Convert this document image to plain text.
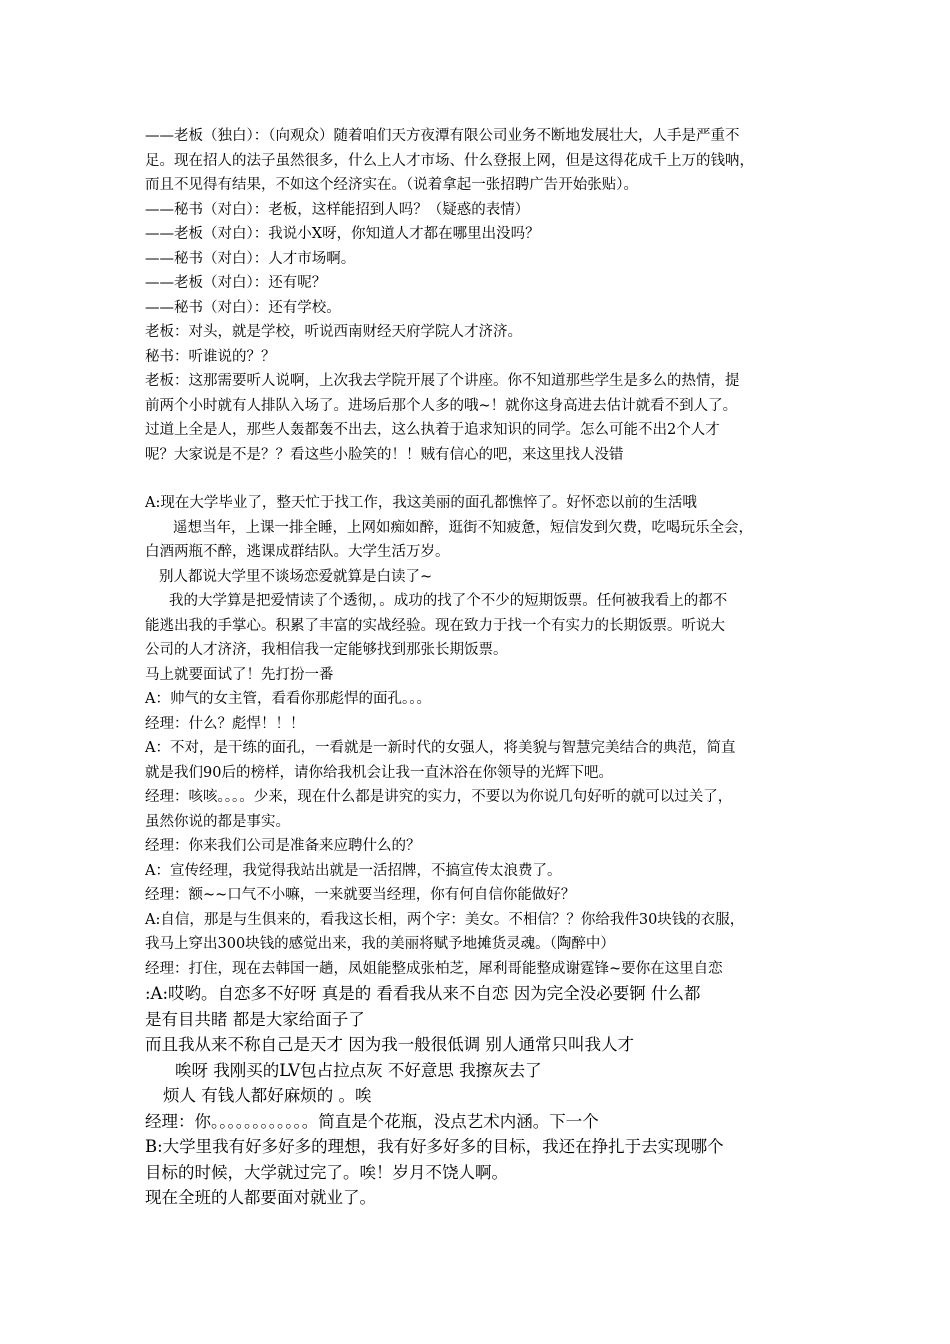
——老板（独白）：（向观众）随着咱们天方夜潭有限公司业务不断地发展壮大，人手是严重不
足。现在招人的法子虽然很多，什么上人才市场、什么登报上网，但是这得花成千上万的钱呐，
而且不见得有结果，不如这个经济实在。（说着拿起一张招聘广告开始张贴）。
——秘书（对白）：老板，这样能招到人吗？（疑惑的表情）
——老板（对白）：我说小X呀，你知道人才都在哪里出没吗？
——秘书（对白）：人才市场啊。
——老板（对白）：还有呢？
——秘书（对白）：还有学校。
老板：对头，就是学校，听说西南财经天府学院人才济济。
秘书：听谁说的？？
老板：这那需要听人说啊，上次我去学院开展了个讲座。你不知道那些学生是多么的热情，提
前两个小时就有人排队入场了。进场后那个人多的哦~！就你这身高进去估计就看不到人了。
过道上全是人，那些人轰都轰不出去，这么执着于追求知识的同学。怎么可能不出2个人才
呢？大家说是不是？？看这些小脸笑的！！贼有信心的吧，来这里找人没错
A:现在大学毕业了，整天忙于找工作，我这美丽的面孔都憔悴了。好怀恋以前的生活哦
遥想当年，上课一排全睡，上网如痴如醉，逛街不知疲惫，短信发到欠费，吃喝玩乐全会，
白酒两瓶不醉，逃课成群结队。大学生活万岁。
别人都说大学里不谈场恋爱就算是白读了~
我的大学算是把爱情读了个透彻，。成功的找了个不少的短期饭票。任何被我看上的都不
能逃出我的手掌心。积累了丰富的实战经验。现在致力于找一个有实力的长期饭票。听说大
公司的人才济济，我相信我一定能够找到那张长期饭票。
马上就要面试了！先打扮一番
A：帅气的女主管，看看你那彪悍的面孔。。。
经理：什么？彪悍！！！
A：不对，是干练的面孔，一看就是一新时代的女强人，将美貌与智慧完美结合的典范，简直
就是我们90后的榜样，请你给我机会让我一直沐浴在你领导的光辉下吧。
经理：咳咳。。。。少来，现在什么都是讲究的实力，不要以为你说几句好听的就可以过关了，
虽然你说的都是事实。
经理：你来我们公司是准备来应聘什么的？
A：宣传经理，我觉得我站出就是一活招牌，不搞宣传太浪费了。
经理：额~~口气不小嘛，一来就要当经理，你有何自信你能做好？
A:自信，那是与生俱来的，看我这长相，两个字：美女。不相信？？你给我件30块钱的衣服，
我马上穿出300块钱的感觉出来，我的美丽将赋予地摊货灵魂。（陶醉中）
经理：打住，现在去韩国一趟，凤姐能整成张柏芝，犀利哥能整成谢霆锋~要你在这里自恋
:A:哎哟。自恋多不好呀 真是的 看看我从来不自恋 因为完全没必要锕 什么都
是有目共睹 都是大家给面子了
而且我从来不称自己是天才 因为我一般很低调 别人通常只叫我人才
唉呀 我刚买的LV包占拉点灰 不好意思 我擦灰去了
烦人 有钱人都好麻烦的 。唉
经理：你。。。。。。。。。。。。简直是个花瓶，没点艺术内涵。下一个
B:大学里我有好多好多的理想，我有好多好多的目标，我还在挣扎于去实现哪个
目标的时候，大学就过完了。唉！岁月不饶人啊。
现在全班的人都要面对就业了。
